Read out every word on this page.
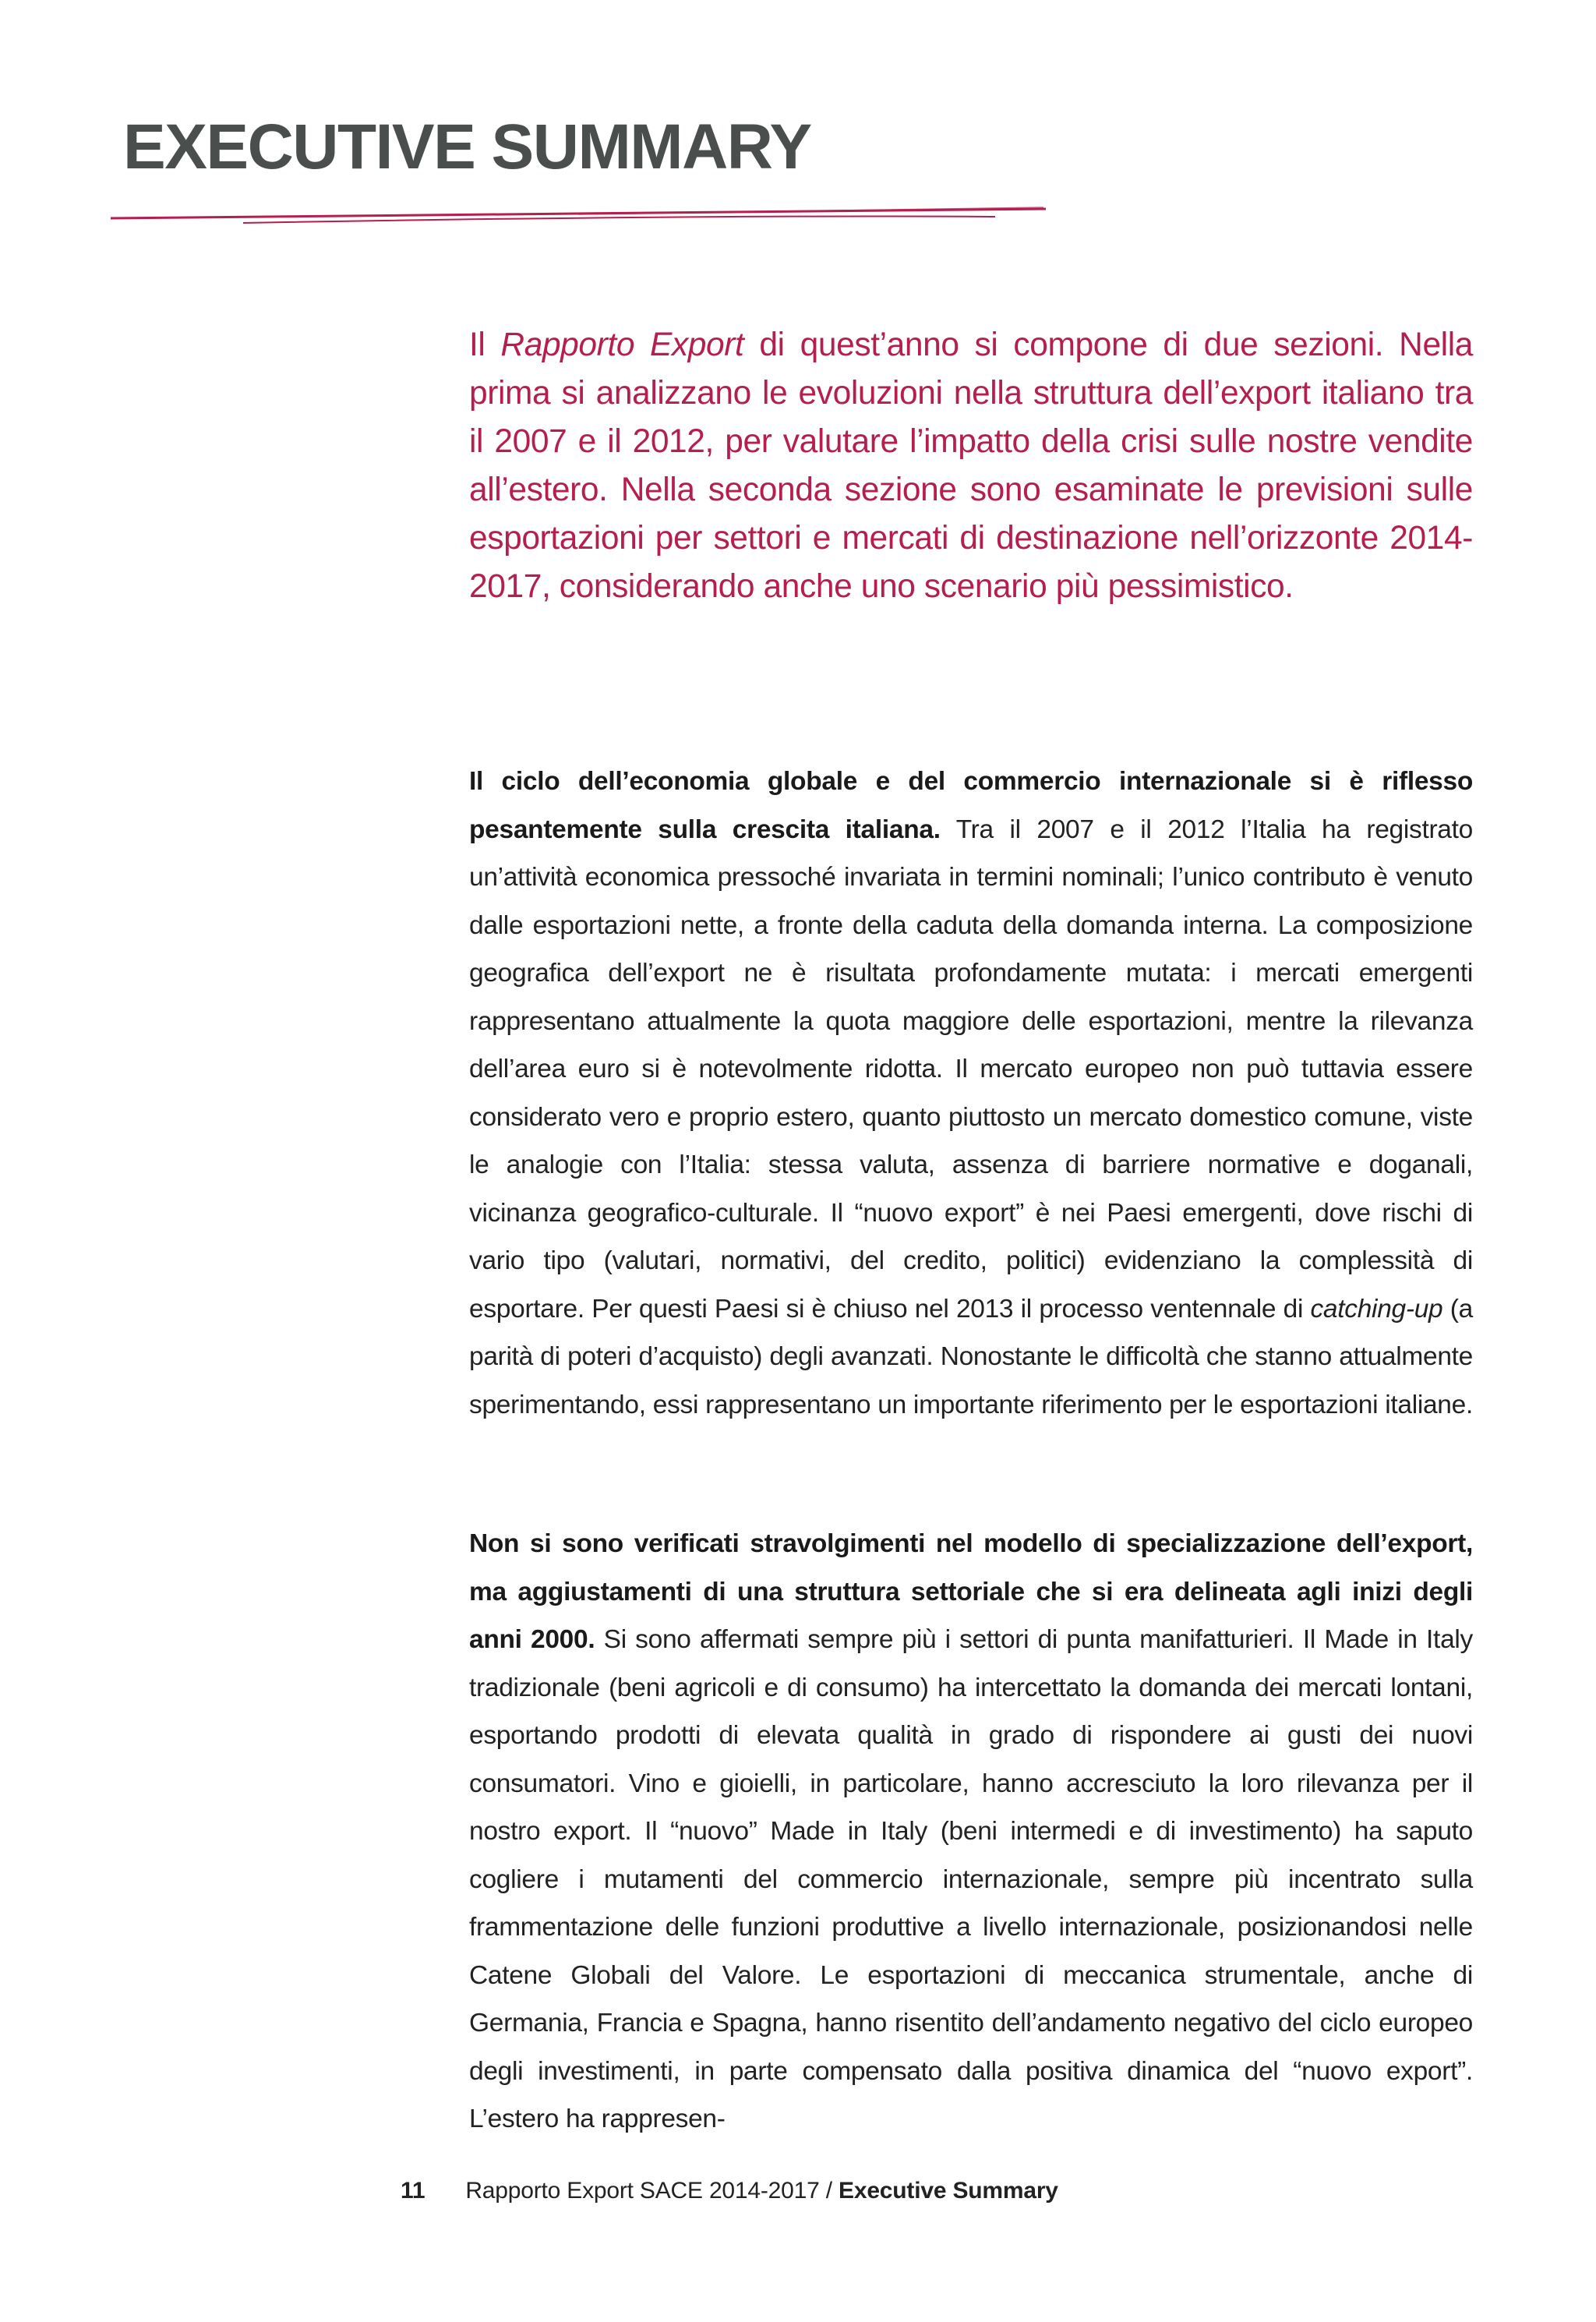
EXECUTIVE SUMMARY

Il Rapporto Export di quest’anno si compone di due sezioni. Nella prima si analizzano le evoluzioni nella struttura dell’export italiano tra il 2007 e il 2012, per valutare l’impatto della crisi sulle nostre vendite all’estero. Nella seconda sezione sono esaminate le previsioni sulle esportazioni per settori e mercati di destinazione nell’orizzonte 2014-2017, considerando anche uno scenario più pessimistico.

Il ciclo dell’economia globale e del commercio internazionale si è riflesso pesantemente sulla crescita italiana. Tra il 2007 e il 2012 l’Italia ha registrato un’attività economica pressoché invariata in termini nominali; l’unico contributo è venuto dalle esportazioni nette, a fronte della caduta della domanda interna. La composizione geografica dell’export ne è risultata profondamente mutata: i mercati emergenti rappresentano attualmente la quota maggiore delle esportazioni, mentre la rilevanza dell’area euro si è notevolmente ridotta. Il mercato europeo non può tuttavia essere considerato vero e proprio estero, quanto piuttosto un mercato domestico comune, viste le analogie con l’Italia: stessa valuta, assenza di barriere normative e doganali, vicinanza geografico-culturale. Il “nuovo export” è nei Paesi emergenti, dove rischi di vario tipo (valutari, normativi, del credito, politici) evidenziano la complessità di esportare. Per questi Paesi si è chiuso nel 2013 il processo ventennale di catching-up (a parità di poteri d’acquisto) degli avanzati. Nonostante le difficoltà che stanno attualmente sperimentando, essi rappresentano un importante riferimento per le esportazioni italiane.

Non si sono verificati stravolgimenti nel modello di specializzazione dell’export, ma aggiustamenti di una struttura settoriale che si era delineata agli inizi degli anni 2000. Si sono affermati sempre più i settori di punta manifatturieri. Il Made in Italy tradizionale (beni agricoli e di consumo) ha intercettato la domanda dei mercati lontani, esportando prodotti di elevata qualità in grado di rispondere ai gusti dei nuovi consumatori. Vino e gioielli, in particolare, hanno accresciuto la loro rilevanza per il nostro export. Il “nuovo” Made in Italy (beni intermedi e di investimento) ha saputo cogliere i mutamenti del commercio internazionale, sempre più incentrato sulla frammentazione delle funzioni produttive a livello internazionale, posizionandosi nelle Catene Globali del Valore. Le esportazioni di meccanica strumentale, anche di Germania, Francia e Spagna, hanno risentito dell’andamento negativo del ciclo europeo degli investimenti, in parte compensato dalla positiva dinamica del “nuovo export”. L’estero ha rappresen-

11 Rapporto Export SACE 2014-2017 / Executive Summary
